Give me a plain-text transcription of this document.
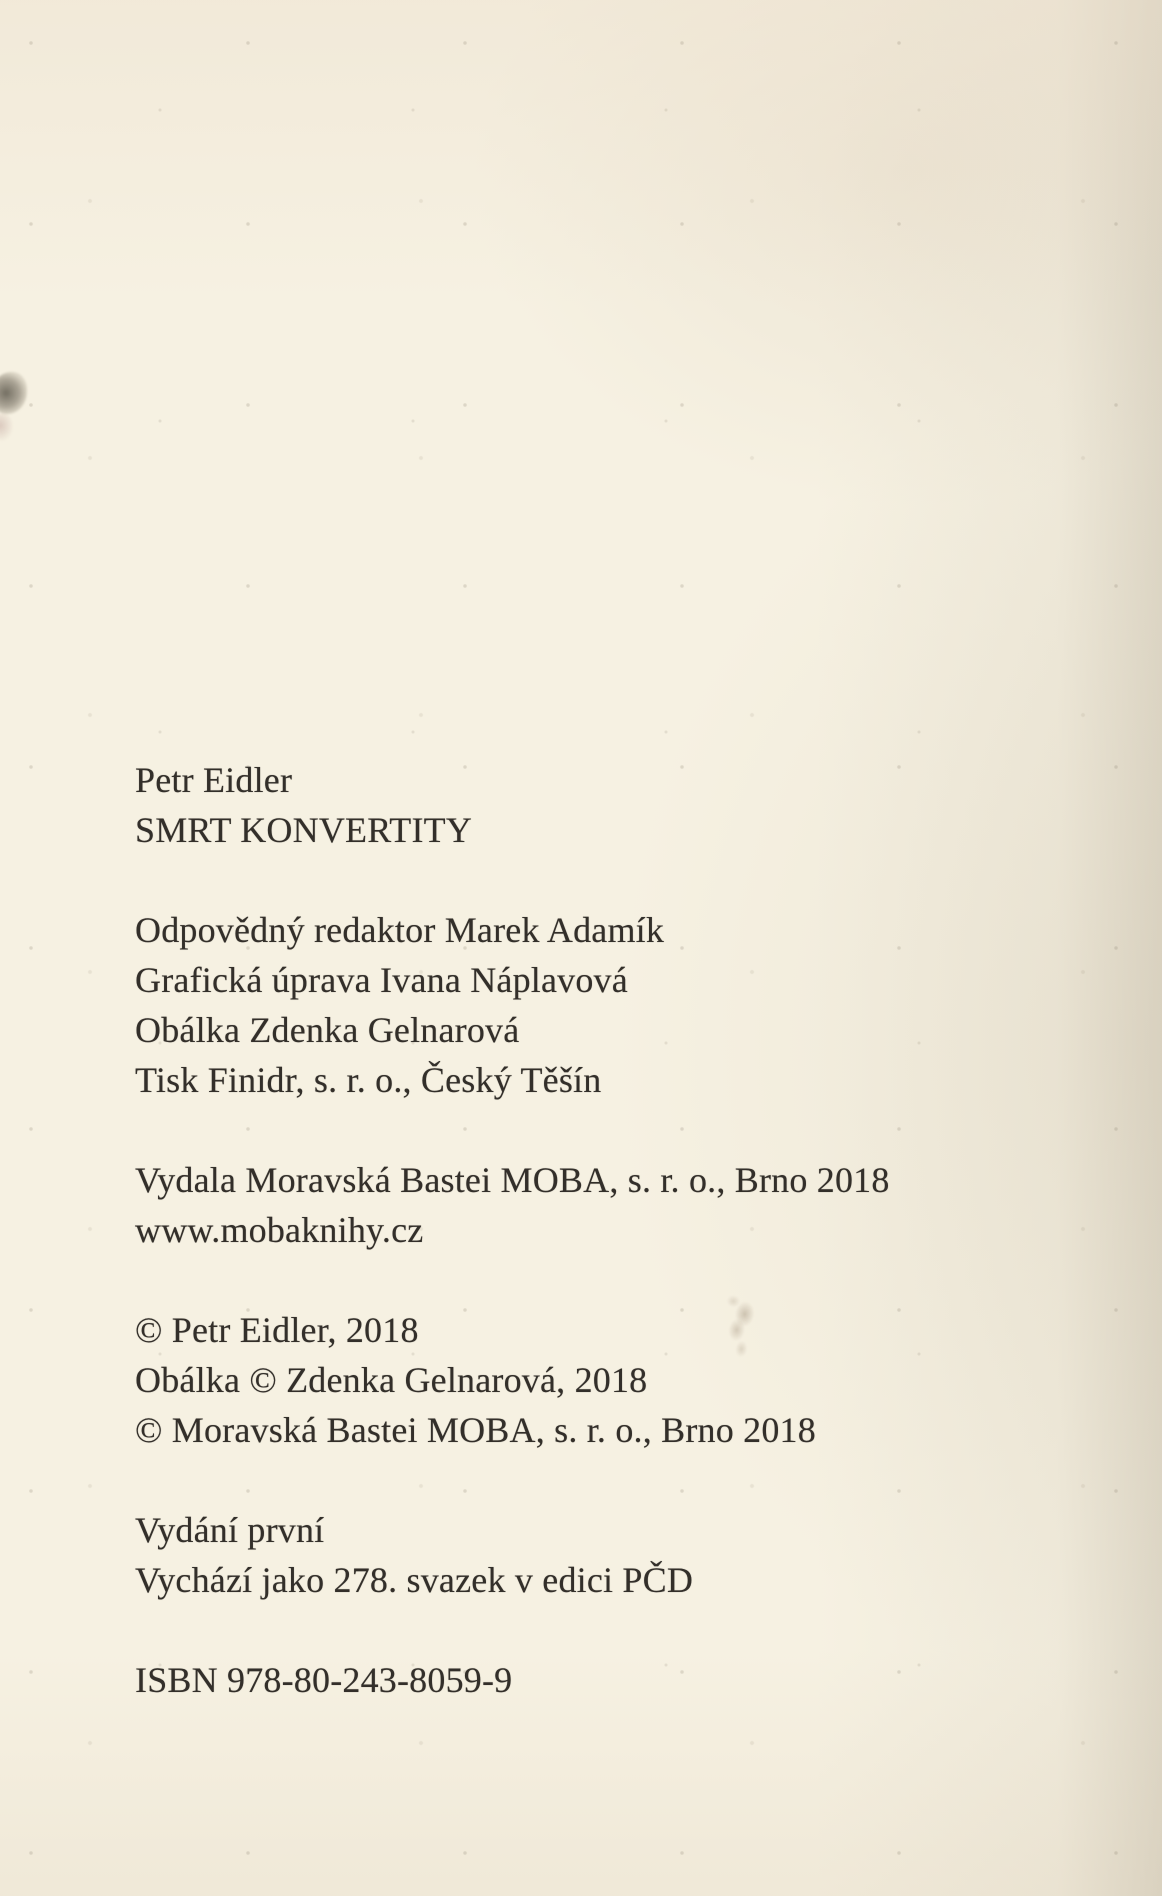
Petr Eidler

SMRT KONVERTITY

Odpovědný redaktor Marek Adamík

Grafická úprava Ivana Náplavová

Obálka Zdenka Gelnarová

Tisk Finidr, s. r. o., Český Těšín

Vydala Moravská Bastei MOBA, s. r. o., Brno 2018

www.mobaknihy.cz

© Petr Eidler, 2018

Obálka © Zdenka Gelnarová, 2018

© Moravská Bastei MOBA, s. r. o., Brno 2018

Vydání první

Vychází jako 278. svazek v edici PČD

ISBN 978-80-243-8059-9
